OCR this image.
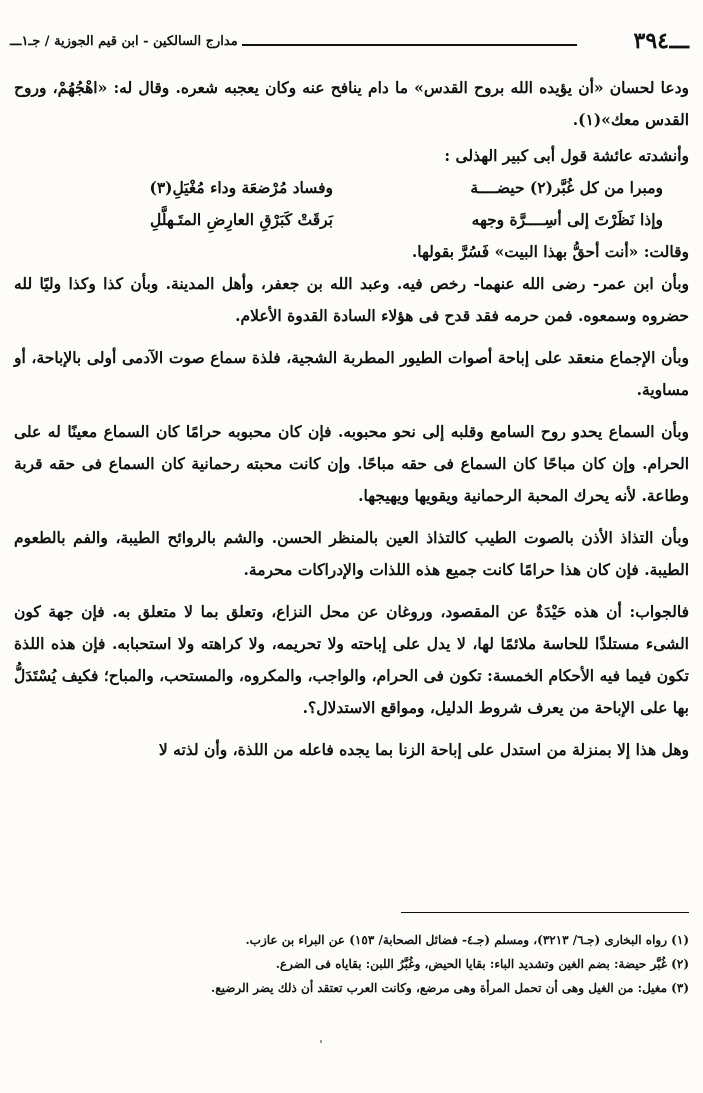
ـــ
٣٩٤
مدارج السالكين - ابن قيم الجوزية / جـ١ـــ

ودعا لحسان «أن يؤيده الله بروح القدس» ما دام ينافح عنه وكان يعجبه شعره. وقال له: «اهْجُهُمْ، وروح القدس معك»(١).

وأنشدته عائشة قول أبى كبير الهذلى :

ومبرا من كل غُبَّر(٢) حيضــــة
وفساد مُرْضعَة وداء مُغْيَلِ(٣)
وإذا نَظَرْتَ إلى أسِــــرَّة وجهه
بَرقَتْ كَبَرْقِ العارِضِ المتَـهلَّلِ
وقالت: «أنت أحقُّ بهذا البيت» فَسُرَّ بقولها.

وبأن ابن عمر- رضى الله عنهما- رخص فيه. وعبد الله بن جعفر، وأهل المدينة. وبأن كذا وكذا وليًا لله حضروه وسمعوه. فمن حرمه فقد قدح فى هؤلاء السادة القدوة الأعلام.

وبأن الإجماع منعقد على إباحة أصوات الطيور المطربة الشجية، فلذة سماع صوت الآدمى أولى بالإباحة، أو مساوية.

وبأن السماع يحدو روح السامع وقلبه إلى نحو محبوبه. فإن كان محبوبه حرامًا كان السماع معينًا له على الحرام. وإن كان مباحًا كان السماع فى حقه مباحًا. وإن كانت محبته رحمانية كان السماع فى حقه قربة وطاعة. لأنه يحرك المحبة الرحمانية ويقويها ويهيجها.

وبأن التذاذ الأذن بالصوت الطيب كالتذاذ العين بالمنظر الحسن. والشم بالروائح الطيبة، والفم بالطعوم الطيبة. فإن كان هذا حرامًا كانت جميع هذه اللذات والإدراكات محرمة.

فالجواب: أن هذه حَيْدَةٌ عن المقصود، وروغان عن محل النزاع، وتعلق بما لا متعلق به. فإن جهة كون الشىء مستلذًا للحاسة ملائمًا لها، لا يدل على إباحته ولا تحريمه، ولا كراهته ولا استحبابه. فإن هذه اللذة تكون فيما فيه الأحكام الخمسة: تكون فى الحرام، والواجب، والمكروه، والمستحب، والمباح؛ فكيف يُسْتَدَلُّ بها على الإباحة من يعرف شروط الدليل، ومواقع الاستدلال؟.

وهل هذا إلا بمنزلة من استدل على إباحة الزنا بما يجده فاعله من اللذة، وأن لذته لا

(١) رواه البخارى (جـ٦/ ٣٢١٣)، ومسلم (جـ٤- فضائل الصحابة/ ١٥٣) عن البراء بن عازب.
(٢) غُبَّر حيضة: بضم الغين وتشديد الباء: بقايا الحيض، وغُبَّرُ اللبن: بقاياه فى الضرع.
(٣) مغيل: من الغيل وهى أن تحمل المرأة وهى مرضع، وكانت العرب تعتقد أن ذلك يضر الرضيع.
